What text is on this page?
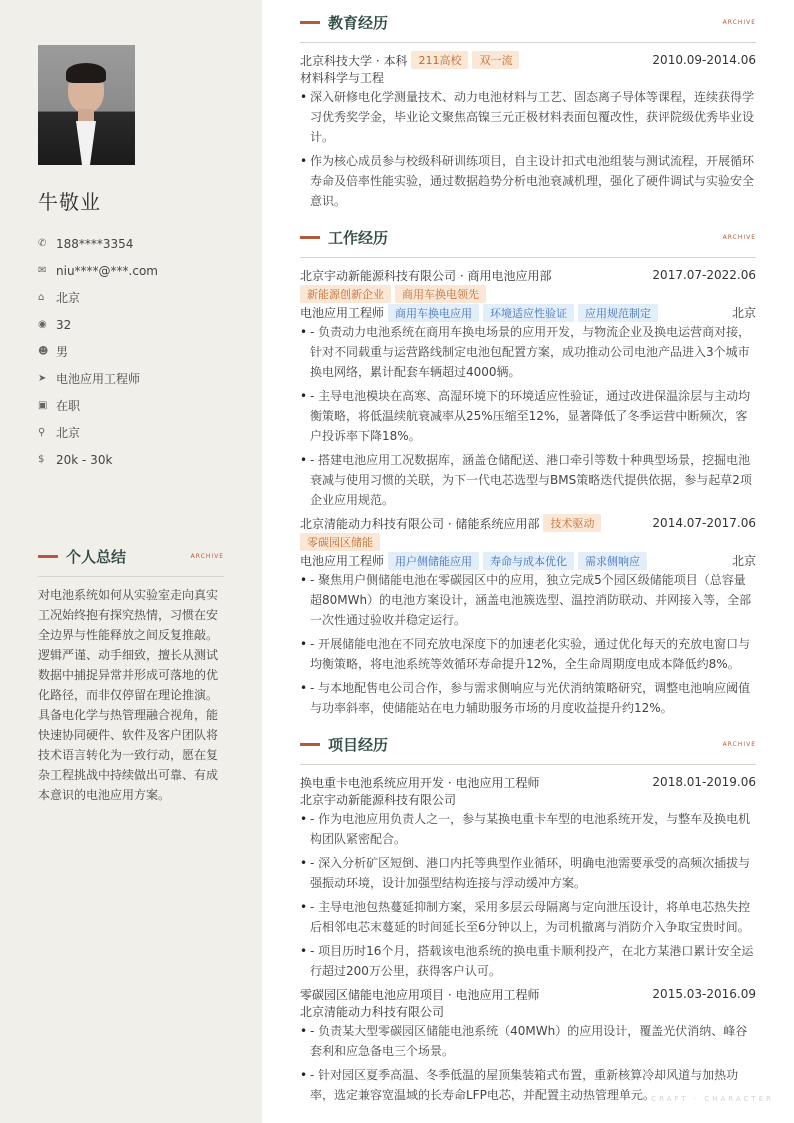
牛敬业
✆ 188****3354
✉ niu****@***.com
⌂ 北京
◉ 32
☻ 男
➤ 电池应用工程师
▣ 在职
⚲ 北京
$ 20k - 30k
个人总结	ARCHIVE

对电池系统如何从实验室走向真实工况始终抱有探究热情，习惯在安全边界与性能释放之间反复推敲。逻辑严谨、动手细致，擅长从测试数据中捕捉异常并形成可落地的优化路径，而非仅停留在理论推演。具备电化学与热管理融合视角，能快速协同硬件、软件及客户团队将技术语言转化为一致行动，愿在复杂工程挑战中持续做出可靠、有成本意识的电池应用方案。

教育经历	ARCHIVE
北京科技大学 · 本科	211高校	双一流	2010.09-2014.06
材料科学与工程
• 深入研修电化学测量技术、动力电池材料与工艺、固态离子导体等课程，连续获得学习优秀奖学金，毕业论文聚焦高镍三元正极材料表面包覆改性，获评院级优秀毕业设计。
• 作为核心成员参与校级科研训练项目，自主设计扣式电池组装与测试流程，开展循环寿命及倍率性能实验，通过数据趋势分析电池衰减机理，强化了硬件调试与实验安全意识。
工作经历	ARCHIVE
北京宇动新能源科技有限公司 · 商用电池应用部	2017.07-2022.06
新能源创新企业	商用车换电领先
电池应用工程师	商用车换电应用	环境适应性验证	应用规范制定	北京
• - 负责动力电池系统在商用车换电场景的应用开发，与物流企业及换电运营商对接，针对不同载重与运营路线制定电池包配置方案，成功推动公司电池产品进入3个城市换电网络，累计配套车辆超过4000辆。
• - 主导电池模块在高寒、高湿环境下的环境适应性验证，通过改进保温涂层与主动均衡策略，将低温续航衰减率从25%压缩至12%，显著降低了冬季运营中断频次，客户投诉率下降18%。
• - 搭建电池应用工况数据库，涵盖仓储配送、港口牵引等数十种典型场景，挖掘电池衰减与使用习惯的关联，为下一代电芯选型与BMS策略迭代提供依据，参与起草2项企业应用规范。
北京清能动力科技有限公司 · 储能系统应用部	技术驱动	2014.07-2017.06
零碳园区储能
电池应用工程师	用户侧储能应用	寿命与成本优化	需求侧响应	北京
• - 聚焦用户侧储能电池在零碳园区中的应用，独立完成5个园区级储能项目（总容量超80MWh）的电池方案设计，涵盖电池簇选型、温控消防联动、并网接入等，全部一次性通过验收并稳定运行。
• - 开展储能电池在不同充放电深度下的加速老化实验，通过优化每天的充放电窗口与均衡策略，将电池系统等效循环寿命提升12%，全生命周期度电成本降低约8%。
• - 与本地配售电公司合作，参与需求侧响应与光伏消纳策略研究，调整电池响应阈值与功率斜率，使储能站在电力辅助服务市场的月度收益提升约12%。
项目经历	ARCHIVE
换电重卡电池系统应用开发 · 电池应用工程师	2018.01-2019.06
北京宇动新能源科技有限公司
• - 作为电池应用负责人之一，参与某换电重卡车型的电池系统开发，与整车及换电机构团队紧密配合。
• - 深入分析矿区短倒、港口内托等典型作业循环，明确电池需要承受的高频次插拔与强振动环境，设计加强型结构连接与浮动缓冲方案。
• - 主导电池包热蔓延抑制方案，采用多层云母隔离与定向泄压设计，将单电芯热失控后相邻电芯末蔓延的时间延长至6分钟以上，为司机撤离与消防介入争取宝贵时间。
• - 项目历时16个月，搭载该电池系统的换电重卡顺利投产，在北方某港口累计安全运行超过200万公里，获得客户认可。
零碳园区储能电池应用项目 · 电池应用工程师	2015.03-2016.09
北京清能动力科技有限公司
• - 负责某大型零碳园区储能电池系统（40MWh）的应用设计，覆盖光伏消纳、峰谷套利和应急备电三个场景。
• - 针对园区夏季高温、冬季低温的屋顶集装箱式布置，重新核算冷却风道与加热功率，选定兼容宽温域的长寿命LFP电芯，并配置主动热管理单元。
CRAFT · CHARACTER
